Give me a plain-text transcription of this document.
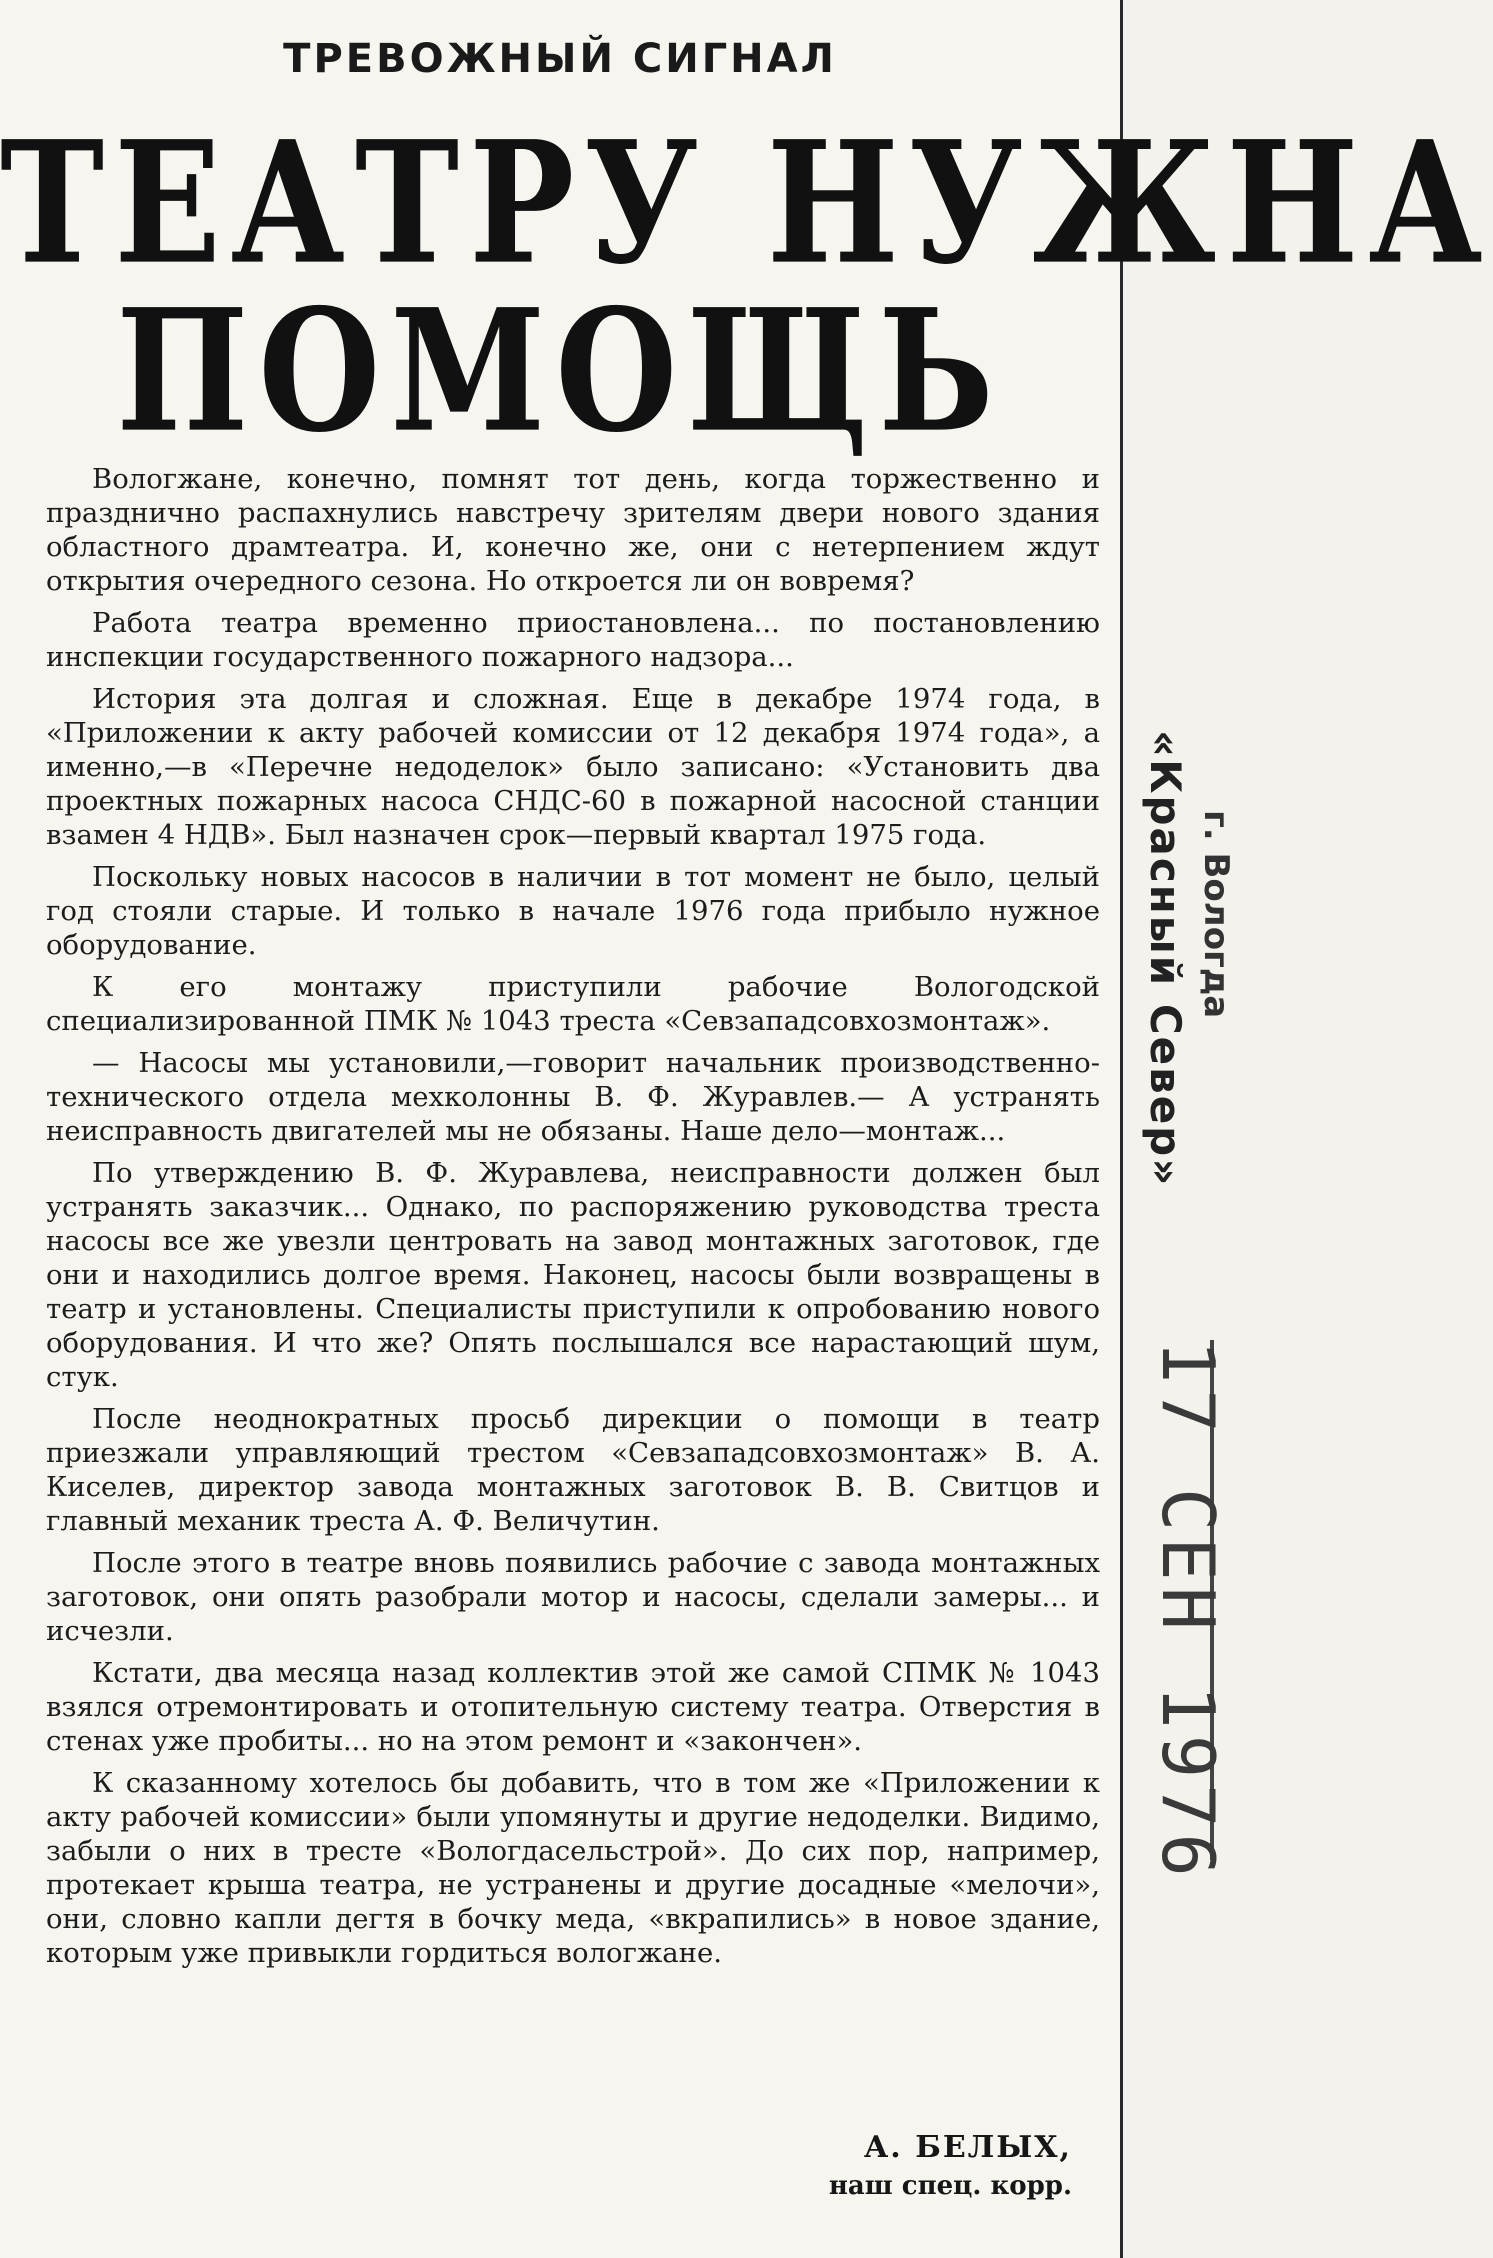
ТРЕВОЖНЫЙ СИГНАЛ
ТЕАТРУ НУЖНА
ПОМОЩЬ

Вологжане, конечно, помнят тот день, когда торжественно и празднично распахнулись навстречу зрителям двери нового здания областного драмтеатра. И, конечно же, они с нетерпением ждут открытия очередного сезона. Но откроется ли он вовремя?

Работа театра временно приостановлена... по постановлению инспекции государственного пожарного надзора...

История эта долгая и сложная. Еще в декабре 1974 года, в «Приложении к акту рабочей комиссии от 12 декабря 1974 года», а именно,—в «Перечне недоделок» было записано: «Установить два проектных пожарных насоса СНДС-60 в пожарной насосной станции взамен 4 НДВ». Был назначен срок—первый квартал 1975 года.

Поскольку новых насосов в наличии в тот момент не было, целый год стояли старые. И только в начале 1976 года прибыло нужное оборудование.

К его монтажу приступили рабочие Вологодской специализированной ПМК № 1043 треста «Севзападсовхозмонтаж».

— Насосы мы установили,—говорит начальник производственно-технического отдела мехколонны В. Ф. Журавлев.— А устранять неисправность двигателей мы не обязаны. Наше дело—монтаж...

По утверждению В. Ф. Журавлева, неисправности должен был устранять заказчик... Однако, по распоряжению руководства треста насосы все же увезли центровать на завод монтажных заготовок, где они и находились долгое время. Наконец, насосы были возвращены в театр и установлены. Специалисты приступили к опробованию нового оборудования. И что же? Опять послышался все нарастающий шум, стук.

После неоднократных просьб дирекции о помощи в театр приезжали управляющий трестом «Севзападсовхозмонтаж» В. А. Киселев, директор завода монтажных заготовок В. В. Свитцов и главный механик треста А. Ф. Величутин.

После этого в театре вновь появились рабочие с завода монтажных заготовок, они опять разобрали мотор и насосы, сделали замеры... и исчезли.

Кстати, два месяца назад коллектив этой же самой СПМК № 1043 взялся отремонтировать и отопительную систему театра. Отверстия в стенах уже пробиты... но на этом ремонт и «закончен».

К сказанному хотелось бы добавить, что в том же «Приложении к акту рабочей комиссии» были упомянуты и другие недоделки. Видимо, забыли о них в тресте «Вологдасельстрой». До сих пор, например, протекает крыша театра, не устранены и другие досадные «мелочи», они, словно капли дегтя в бочку меда, «вкрапились» в новое здание, которым уже привыкли гордиться вологжане.

А. БЕЛЫХ,
наш спец. корр.
«Красный Север» г. Вологда
17 СЕН 1976
